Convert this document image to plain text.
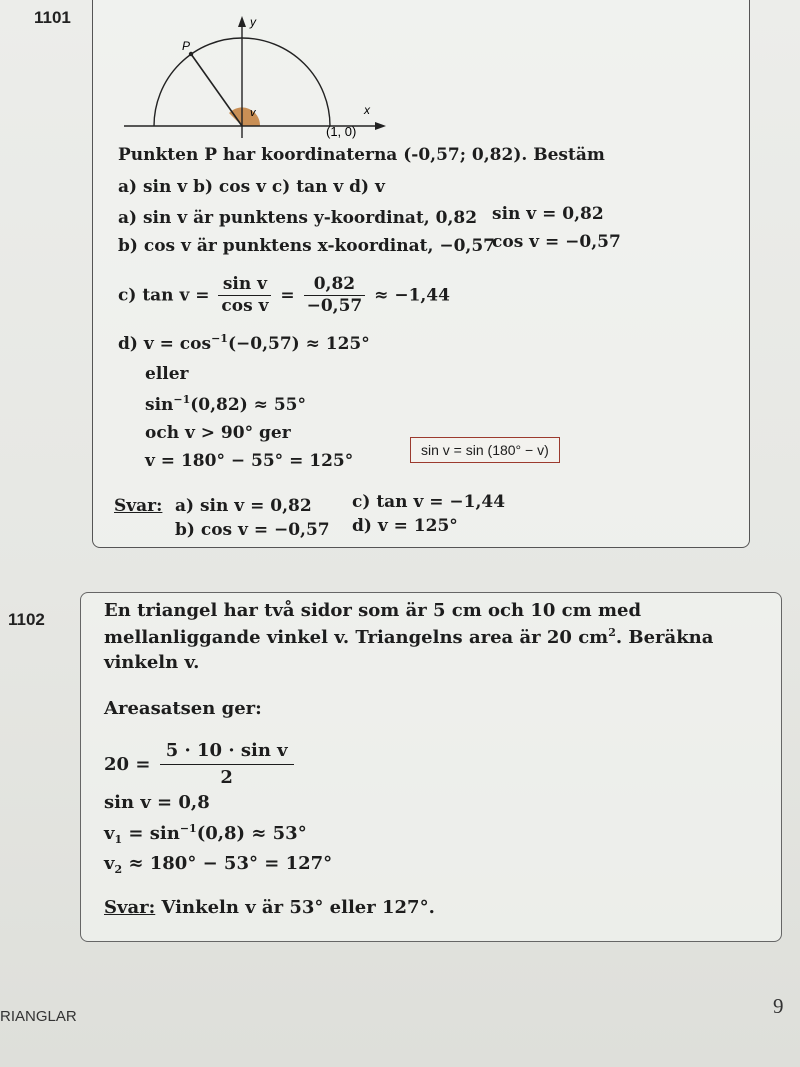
1101	y
x
P
v
(1, 0)
Punkten P har koordinaterna (-0,57; 0,82). Bestäm
a) sin v b) cos v c) tan v d) v
a) sin v är punktens y-koordinat, 0,82 sin v = 0,82
b) cos v är punktens x-koordinat, −0,57
cos v = −0,57
c) $\tan v = \frac{\text{sin v}}{\text{cos v}} = \frac{0,82}{-0,57} \approx -1,44$
d) $v = \cos^{-1}(-0,57) \approx 125^\circ$
eller
$\sin^{-1}(0,82) \approx 55^\circ$
och v > 90° ger
v = 180° − 55° = 125°
sin v = sin (180° − v)
Svar: a) sin v = 0,82
b) cos v = −0,57
c) tan v = −1,44
d) v = 125°
1102	En triangel har två sidor som är 5 cm och 10 cm med
mellanliggande vinkel v. Triangelns area är 20 $cm^2$. Beräkna
vinkeln v.
Areasatsen ger:
$20 = \frac{\text{5 · 10 · sin v}}{2}$
sin v = 0,8
$v_1 = \sin^{-1}(0,8) \approx 53^\circ$
$v_2 \approx 180^\circ - 53^\circ = 127^\circ$
Svar: Vinkeln v är 53° eller 127°.
RIANGLAR	9
